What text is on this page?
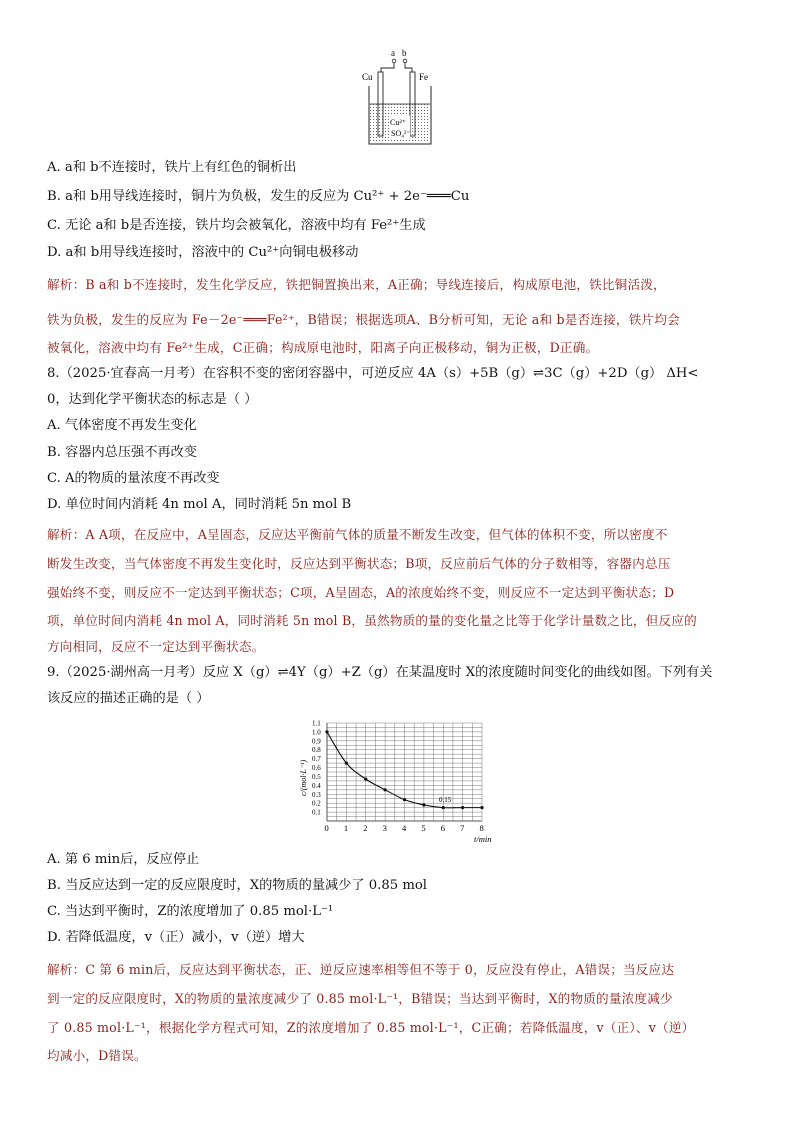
a b
Cu	Fe
Cu²⁺
SO₄²⁻
A. a和 b不连接时，铁片上有红色的铜析出
B. a和 b用导线连接时，铜片为负极，发生的反应为 Cu²⁺ + 2e⁻═══Cu
C. 无论 a和 b是否连接，铁片均会被氧化，溶液中均有 Fe²⁺生成
D. a和 b用导线连接时，溶液中的 Cu²⁺向铜电极移动
解析：B a和 b不连接时，发生化学反应，铁把铜置换出来，A正确；导线连接后，构成原电池，铁比铜活泼，
铁为负极，发生的反应为 Fe－2e⁻═══Fe²⁺，B错误；根据选项A、B分析可知，无论 a和 b是否连接，铁片均会
被氧化，溶液中均有 Fe²⁺生成，C正确；构成原电池时，阳离子向正极移动，铜为正极，D正确。
8.（2025·宜春高一月考）在容积不变的密闭容器中，可逆反应 4A（s）+5B（g）⇌3C（g）+2D（g） ΔH<
0，达到化学平衡状态的标志是（ ）
A. 气体密度不再发生变化
B. 容器内总压强不再改变
C. A的物质的量浓度不再改变
D. 单位时间内消耗 4n mol A，同时消耗 5n mol B
解析：A A项，在反应中，A呈固态，反应达平衡前气体的质量不断发生改变，但气体的体积不变，所以密度不
断发生改变，当气体密度不再发生变化时，反应达到平衡状态；B项，反应前后气体的分子数相等，容器内总压
强始终不变，则反应不一定达到平衡状态；C项，A呈固态，A的浓度始终不变，则反应不一定达到平衡状态；D
项，单位时间内消耗 4n mol A，同时消耗 5n mol B，虽然物质的量的变化量之比等于化学计量数之比，但反应的
方向相同，反应不一定达到平衡状态。
9.（2025·湖州高一月考）反应 X（g）⇌4Y（g）+Z（g）在某温度时 X的浓度随时间变化的曲线如图。下列有关
该反应的描述正确的是（ ）
0 1 2 3 4 5 6 7 8
0.1
0.2
0.3
0.4
0.5
0.6
0.7
0.8
0.9
1.0
1.1
c/(mol·L⁻¹)
t/min
0.15
A. 第 6 min后，反应停止
B. 当反应达到一定的反应限度时，X的物质的量减少了 0.85 mol
C. 当达到平衡时，Z的浓度增加了 0.85 mol·L⁻¹
D. 若降低温度，v（正）减小，v（逆）增大
解析：C 第 6 min后，反应达到平衡状态，正、逆反应速率相等但不等于 0，反应没有停止，A错误；当反应达
到一定的反应限度时，X的物质的量浓度减少了 0.85 mol·L⁻¹，B错误；当达到平衡时，X的物质的量浓度减少
了 0.85 mol·L⁻¹，根据化学方程式可知，Z的浓度增加了 0.85 mol·L⁻¹，C正确；若降低温度，v（正）、v（逆）
均减小，D错误。
